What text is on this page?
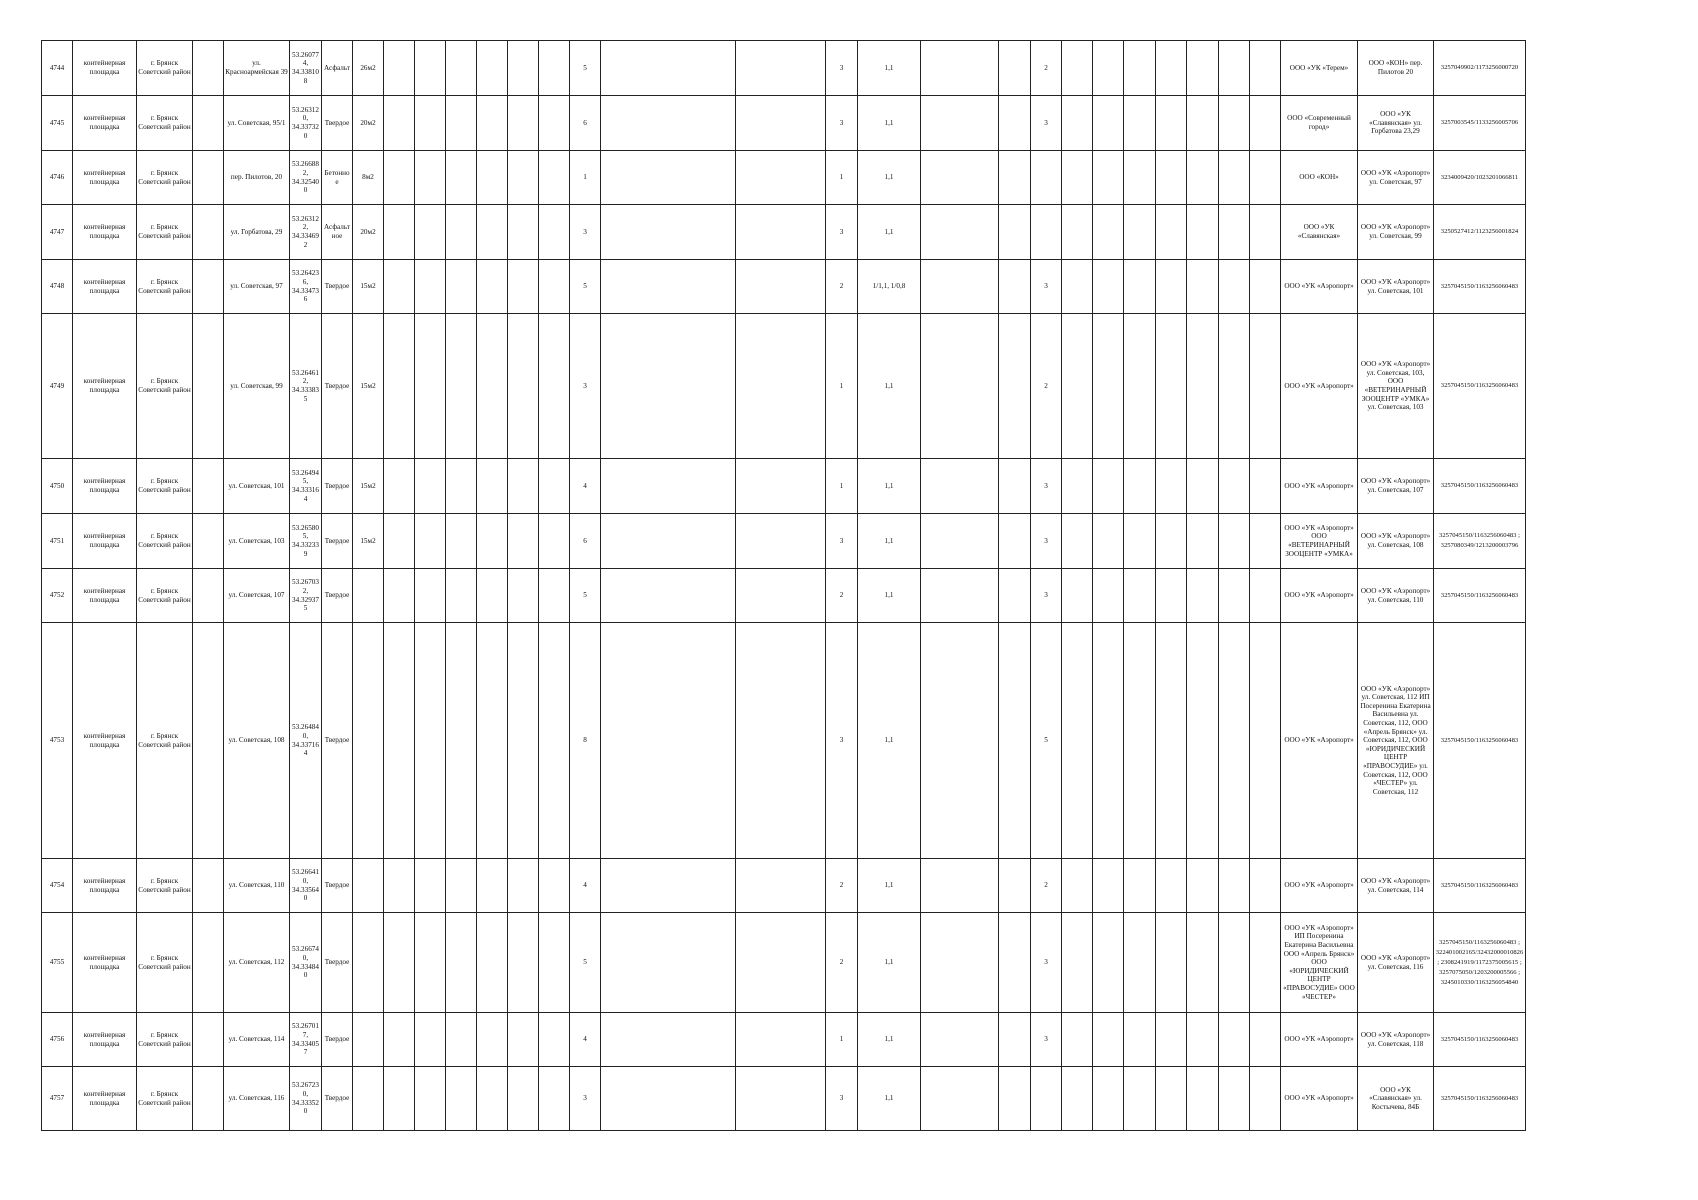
4744	контейнерная площадка	г. Брянск Советский район		ул. Красноармейская 39	53.26077 4, 34.33810 8	Асфальт	26м2							5			3	1,1			2								ООО «УК «Терем»	ООО «КОН» пер. Пилотов 20	3257049902/1173256000720
4745	контейнерная площадка	г. Брянск Советский район		ул. Советская, 95/1	53.26312 0, 34.33732 0	Твердое	20м2							6			3	1,1			3								ООО «Современный город»	ООО «УК «Славянская» ул. Горбатова 23,29	3257003545/1133256005706
4746	контейнерная площадка	г. Брянск Советский район		пер. Пилотов, 20	53.26688 2, 34.32540 0	Бетонное	8м2							1			1	1,1											ООО «КОН»	ООО «УК «Аэропорт» ул. Советская, 97	3234009420/1023201066811
4747	контейнерная площадка	г. Брянск Советский район		ул. Горбатова, 29	53.26312 2, 34.33469 2	Асфальт ное	20м2							3			3	1,1											ООО «УК «Славянская»	ООО «УК «Аэропорт» ул. Советская, 99	3250527412/1123256001824
4748	контейнерная площадка	г. Брянск Советский район		ул. Советская, 97	53.26423 6, 34.33473 6	Твердое	15м2							5			2	1/1,1, 1/0,8			3								ООО «УК «Аэропорт»	ООО «УК «Аэропорт» ул. Советская, 101	3257045150/1163256060483
4749	контейнерная площадка	г. Брянск Советский район		ул. Советская, 99	53.26461 2, 34.33383 5	Твердое	15м2							3			1	1,1			2								ООО «УК «Аэропорт»	ООО «УК «Аэропорт» ул. Советская, 103, ООО «ВЕТЕРИНАРНЫЙ ЗООЦЕНТР «УМКА» ул. Советская, 103	3257045150/1163256060483
4750	контейнерная площадка	г. Брянск Советский район		ул. Советская, 101	53.26494 5, 34.33316 4	Твердое	15м2							4			1	1,1			3								ООО «УК «Аэропорт»	ООО «УК «Аэропорт» ул. Советская, 107	3257045150/1163256060483
4751	контейнерная площадка	г. Брянск Советский район		ул. Советская, 103	53.26580 5, 34.33233 9	Твердое	15м2							6			3	1,1			3								ООО «УК «Аэропорт» ООО «ВЕТЕРИНАРНЫЙ ЗООЦЕНТР «УМКА»	ООО «УК «Аэропорт» ул. Советская, 108	3257045150/1163256060483 ; 3257080349/1213200003796
4752	контейнерная площадка	г. Брянск Советский район		ул. Советская, 107	53.26703 2, 34.32937 5	Твердое								5			2	1,1			3								ООО «УК «Аэропорт»	ООО «УК «Аэропорт» ул. Советская, 110	3257045150/1163256060483
4753	контейнерная площадка	г. Брянск Советский район		ул. Советская, 108	53.26484 0, 34.33716 4	Твердое								8			3	1,1			5								ООО «УК «Аэропорт»	ООО «УК «Аэропорт» ул. Советская, 112 ИП Посеренина Екатерина Васильевна ул. Советская, 112, ООО «Апрель Брянск» ул. Советская, 112, ООО «ЮРИДИЧЕСКИЙ ЦЕНТР «ПРАВОСУДИЕ» ул. Советская, 112, ООО «ЧЕСТЕР» ул. Советская, 112	3257045150/1163256060483
4754	контейнерная площадка	г. Брянск Советский район		ул. Советская, 110	53.26641 0, 34.33564 0	Твердое								4			2	1,1			2								ООО «УК «Аэропорт»	ООО «УК «Аэропорт» ул. Советская, 114	3257045150/1163256060483
4755	контейнерная площадка	г. Брянск Советский район		ул. Советская, 112	53.26674 0, 34.33484 0	Твердое								5			2	1,1			3								ООО «УК «Аэропорт» ИП Посеренина Екатерина Васильевна ООО «Апрель Брянск» ООО «ЮРИДИЧЕСКИЙ ЦЕНТР «ПРАВОСУДИЕ» ООО «ЧЕСТЕР»	ООО «УК «Аэропорт» ул. Советская, 116	3257045150/1163256060483 ; 322401002165/32432000010826 ; 2308241919/1172375005615 ; 3257075050/1203200005566 ; 3245010330/1163256054840
4756	контейнерная площадка	г. Брянск Советский район		ул. Советская, 114	53.26701 7, 34.33405 7	Твердое								4			1	1,1			3								ООО «УК «Аэропорт»	ООО «УК «Аэропорт» ул. Советская, 118	3257045150/1163256060483
4757	контейнерная площадка	г. Брянск Советский район		ул. Советская, 116	53.26723 0, 34.33352 0	Твердое								3			3	1,1											ООО «УК «Аэропорт»	ООО «УК «Славянская» ул. Костычева, 84Б	3257045150/1163256060483
